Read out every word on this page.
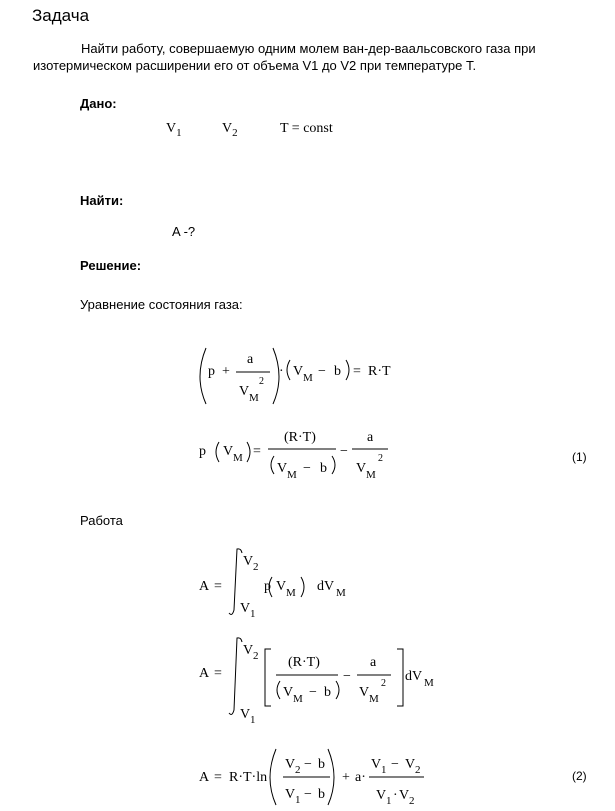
Задача
Найти работу, совершаемую одним молем ван-дер-ваальсовского газа при изотермическом расширении его от объема V1 до V2 при температуре T.
Дано:
$V_1$	$V_2$	T = const
Найти:
A -?
Решение:
Уравнение состояния газа:
Работа
(1)
(2)
p +
a
V M
2
· V M − b = R·T
p V M =
(R·T)
V M − b
−
a
V M
2
A =
V 2
V 1
p V M dV M
A =
V 2
V 1
(R·T)
V M − b
−
a
V M
2 dV M
A = R·T·ln
V 2 − b
V 1 − b
+ a·
V 1 − V 2
V 1 · V 2
